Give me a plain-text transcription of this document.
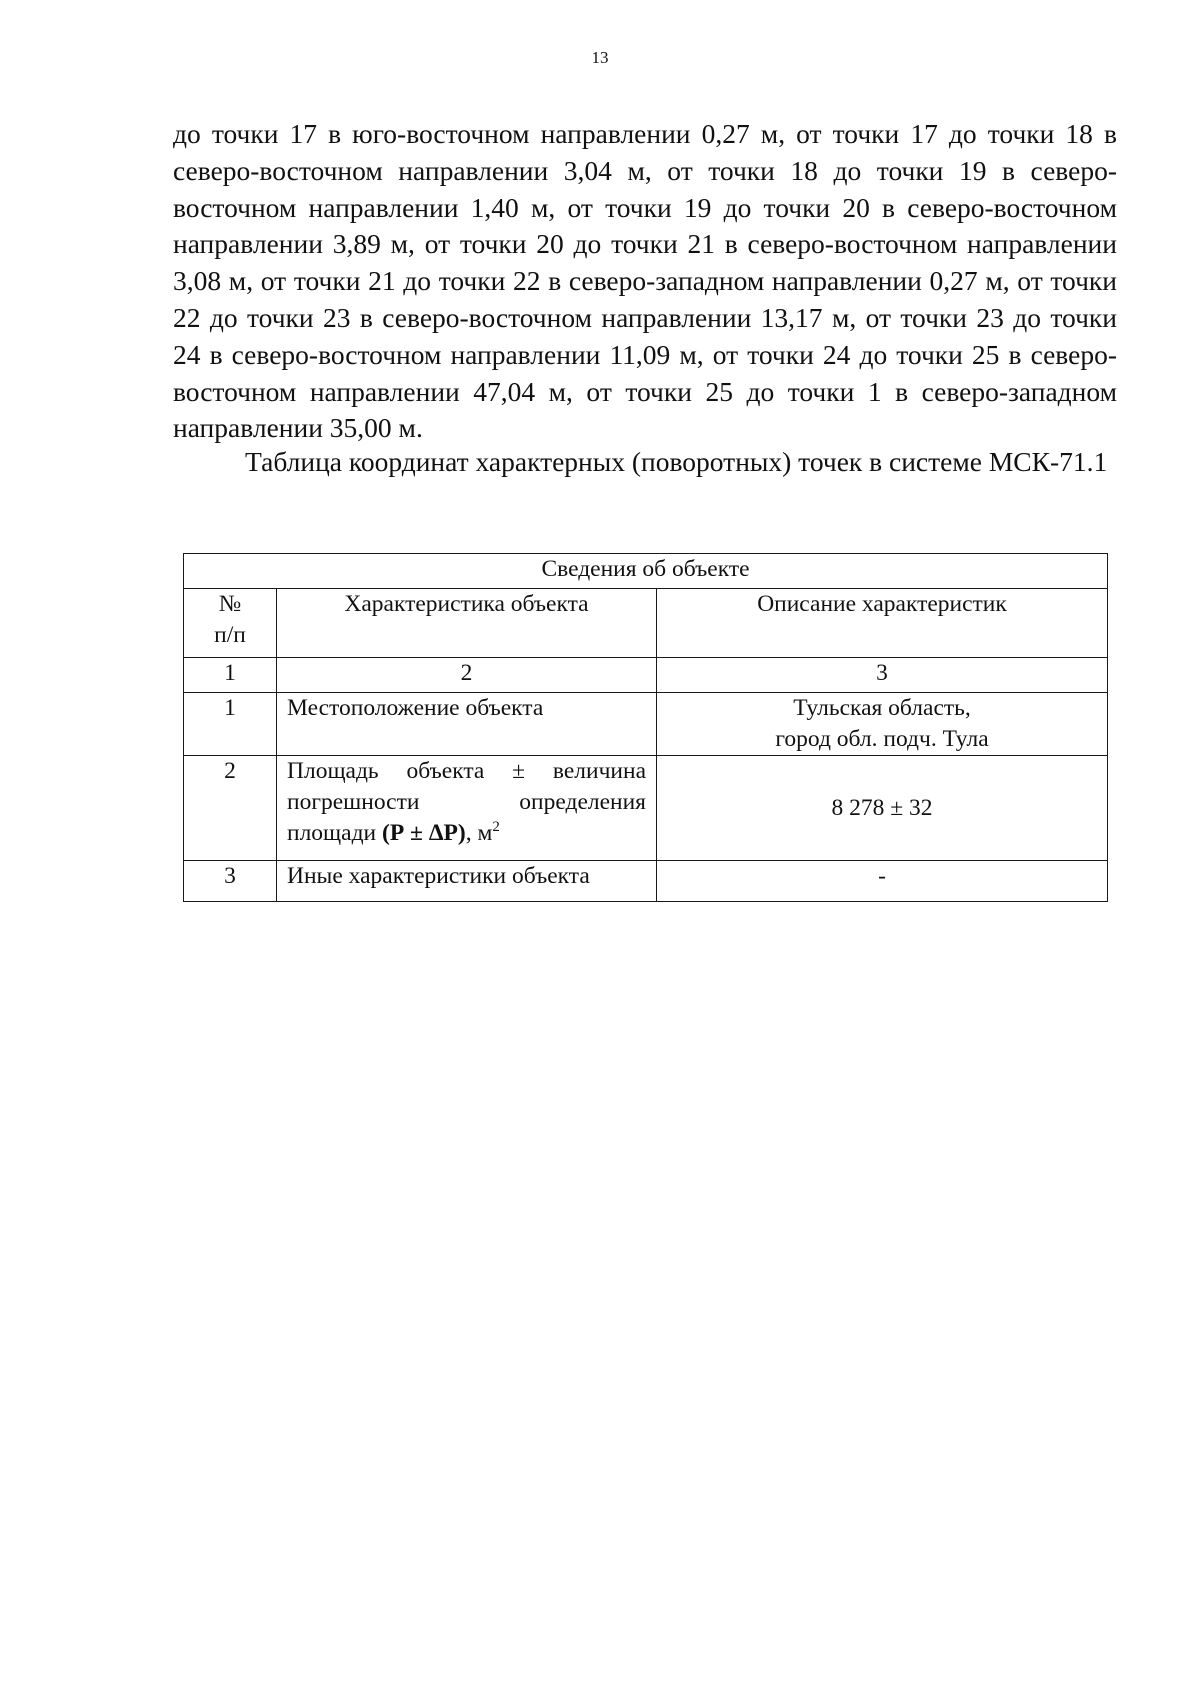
13

до точки 17 в юго-восточном направлении 0,27 м, от точки 17 до точки 18 в северо-восточном направлении 3,04 м, от точки 18 до точки 19 в северо-восточном направлении 1,40 м, от точки 19 до точки 20 в северо-восточном направлении 3,89 м, от точки 20 до точки 21 в северо-восточном направлении 3,08 м, от точки 21 до точки 22 в северо-западном направлении 0,27 м, от точки 22 до точки 23 в северо-восточном направлении 13,17 м, от точки 23 до точки 24 в северо-восточном направлении 11,09 м, от точки 24 до точки 25 в северо-восточном направлении 47,04 м, от точки 25 до точки 1 в северо-западном направлении 35,00 м.

Таблица координат характерных (поворотных) точек в системе МСК-71.1

Сведения об объекте		

№
п/п	Характеристика объекта	Описание характеристик
1	2	3
1	Местоположение объекта	Тульская область,
город обл. подч. Тула

2	Площадь объекта ± величина погрешности определения площади (Р ± ΔР), $м^2$	8 278 ± 32
3	Иные характеристики объекта	-
